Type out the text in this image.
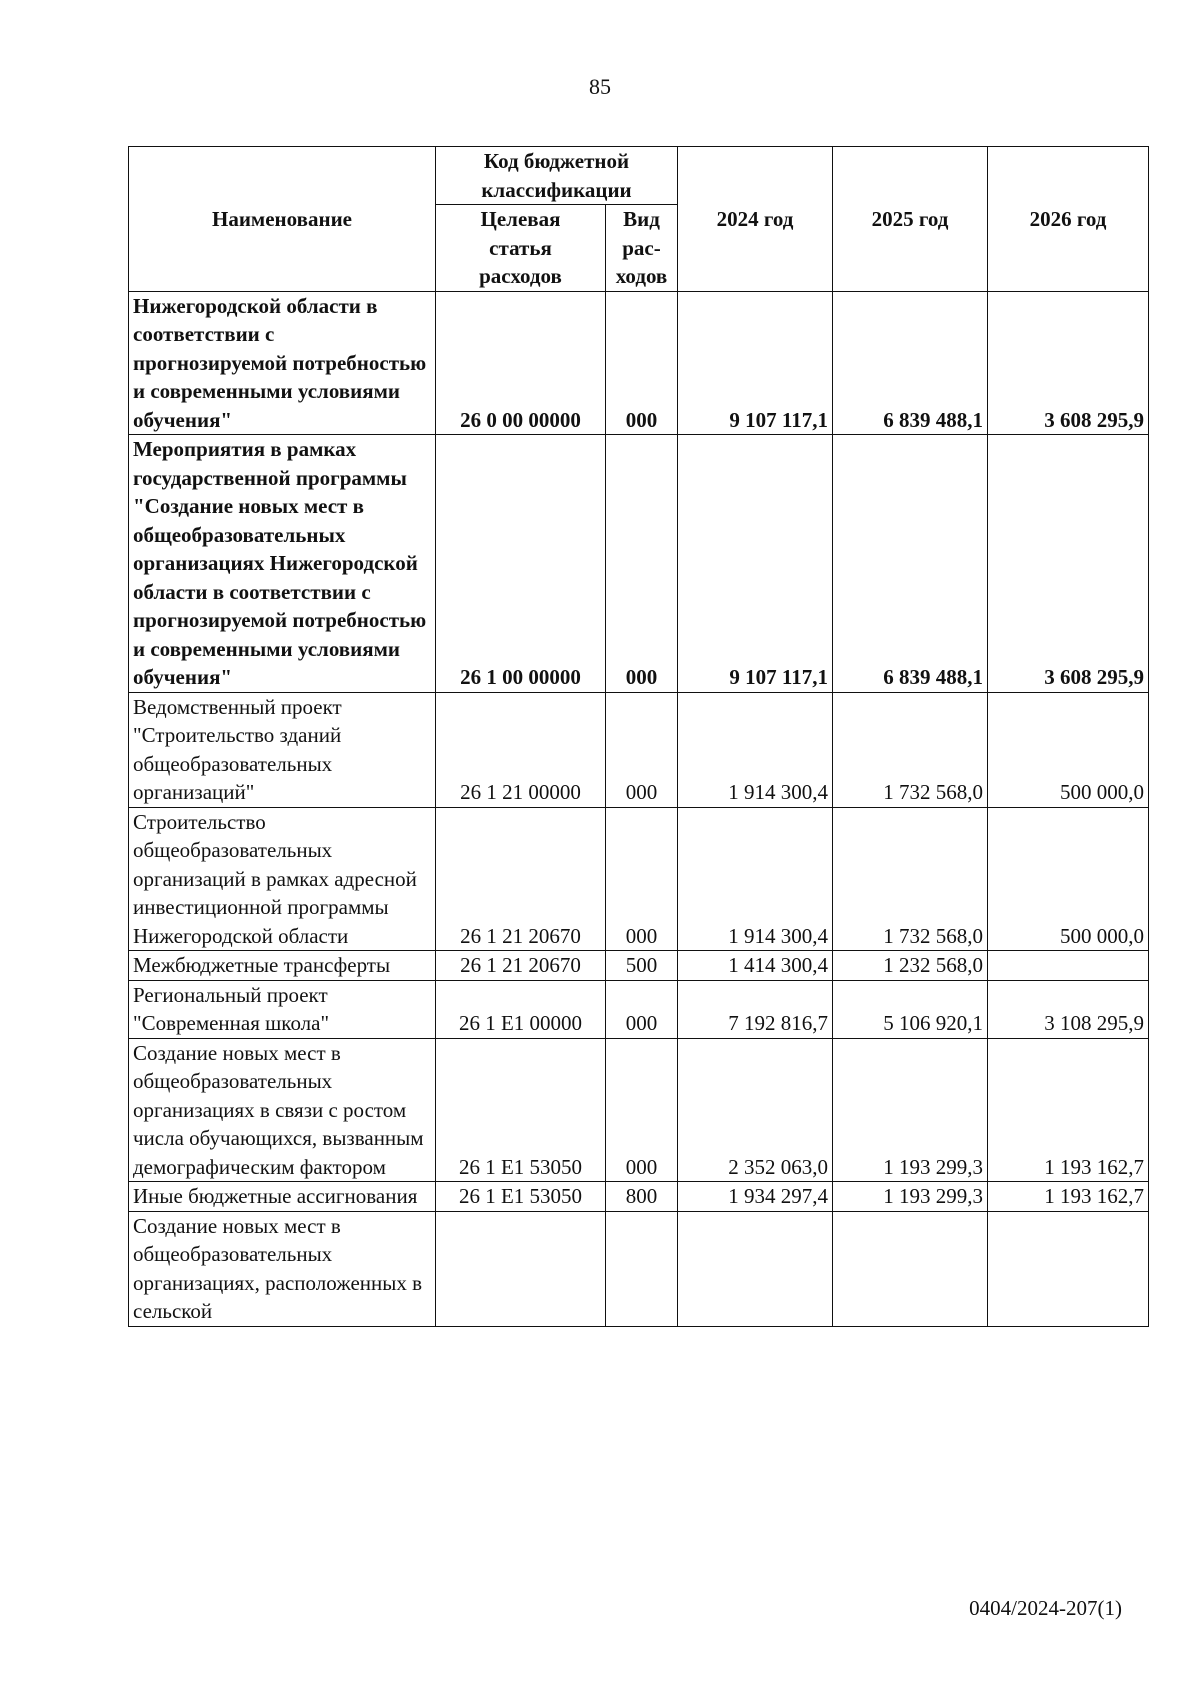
85
Наименование	Код бюджетной классификации		2024 год	2025 год	2026 год
	Целевая статья расходов	Вид рас-ходов			
Нижегородской области в соответствии с прогнозируемой потребностью и современными условиями обучения"	26 0 00 00000	000	9 107 117,1	6 839 488,1	3 608 295,9
Мероприятия в рамках государственной программы "Создание новых мест в общеобразовательных организациях Нижегородской области в соответствии с прогнозируемой потребностью и современными условиями обучения"	26 1 00 00000	000	9 107 117,1	6 839 488,1	3 608 295,9
Ведомственный проект "Строительство зданий общеобразовательных организаций"	26 1 21 00000	000	1 914 300,4	1 732 568,0	500 000,0
Строительство общеобразовательных организаций в рамках адресной инвестиционной программы Нижегородской области	26 1 21 20670	000	1 914 300,4	1 732 568,0	500 000,0
Межбюджетные трансферты	26 1 21 20670	500	1 414 300,4	1 232 568,0	
Региональный проект "Современная школа"	26 1 E1 00000	000	7 192 816,7	5 106 920,1	3 108 295,9
Создание новых мест в общеобразовательных организациях в связи с ростом числа обучающихся, вызванным демографическим фактором	26 1 E1 53050	000	2 352 063,0	1 193 299,3	1 193 162,7
Иные бюджетные ассигнования	26 1 E1 53050	800	1 934 297,4	1 193 299,3	1 193 162,7
Создание новых мест в общеобразовательных организациях, расположенных в сельской					
0404/2024-207(1)
